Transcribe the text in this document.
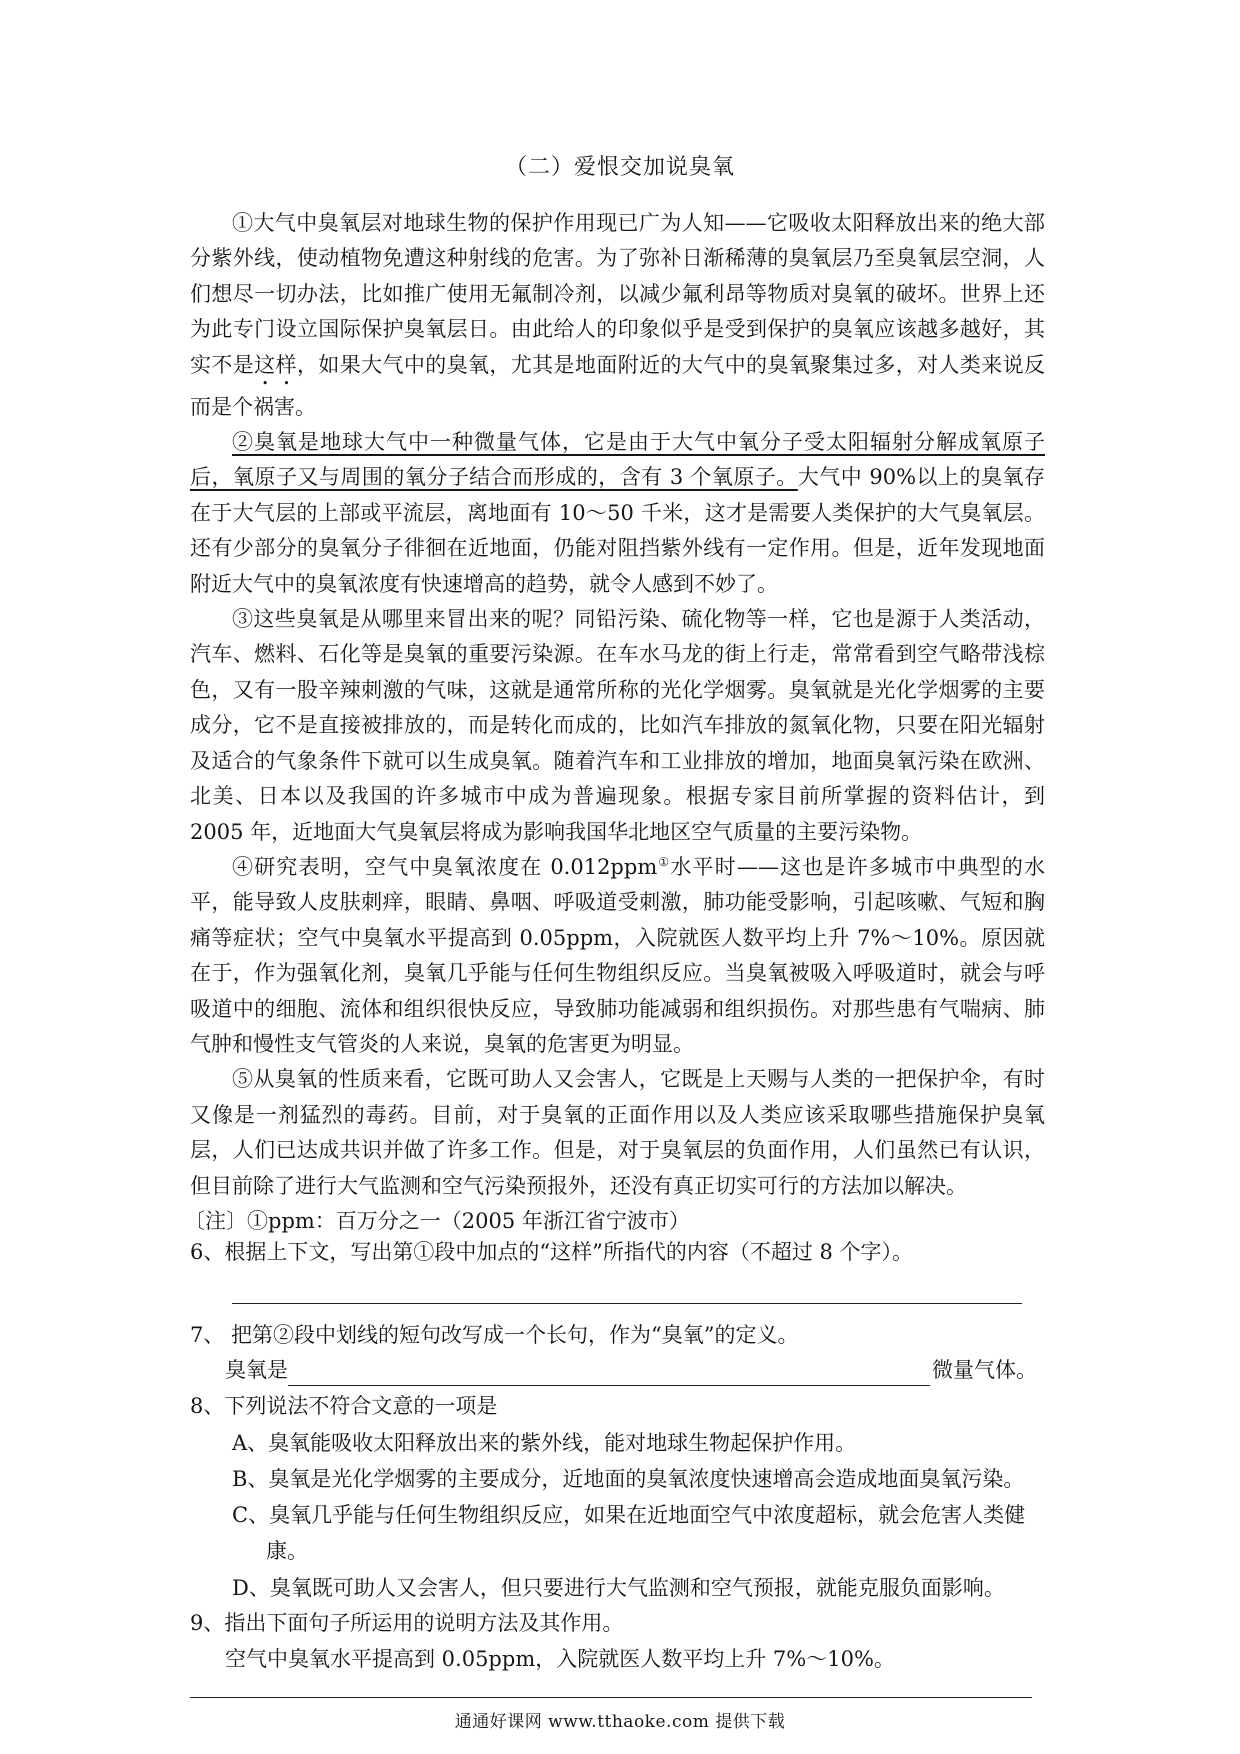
（二）爱恨交加说臭氧

①大气中臭氧层对地球生物的保护作用现已广为人知——它吸收太阳释放出来的绝大部分紫外线，使动植物免遭这种射线的危害。为了弥补日渐稀薄的臭氧层乃至臭氧层空洞，人们想尽一切办法，比如推广使用无氟制冷剂，以减少氟利昂等物质对臭氧的破坏。世界上还为此专门设立国际保护臭氧层日。由此给人的印象似乎是受到保护的臭氧应该越多越好，其实不是这样，如果大气中的臭氧，尤其是地面附近的大气中的臭氧聚集过多，对人类来说反而是个祸害。

②臭氧是地球大气中一种微量气体，它是由于大气中氧分子受太阳辐射分解成氧原子后，氧原子又与周围的氧分子结合而形成的，含有 3 个氧原子。大气中 90%以上的臭氧存在于大气层的上部或平流层，离地面有 10～50 千米，这才是需要人类保护的大气臭氧层。还有少部分的臭氧分子徘徊在近地面，仍能对阻挡紫外线有一定作用。但是，近年发现地面附近大气中的臭氧浓度有快速增高的趋势，就令人感到不妙了。

③这些臭氧是从哪里来冒出来的呢？同铅污染、硫化物等一样，它也是源于人类活动，汽车、燃料、石化等是臭氧的重要污染源。在车水马龙的街上行走，常常看到空气略带浅棕色，又有一股辛辣刺激的气味，这就是通常所称的光化学烟雾。臭氧就是光化学烟雾的主要成分，它不是直接被排放的，而是转化而成的，比如汽车排放的氮氧化物，只要在阳光辐射及适合的气象条件下就可以生成臭氧。随着汽车和工业排放的增加，地面臭氧污染在欧洲、北美、日本以及我国的许多城市中成为普遍现象。根据专家目前所掌握的资料估计，到 2005 年，近地面大气臭氧层将成为影响我国华北地区空气质量的主要污染物。

④研究表明，空气中臭氧浓度在 0.012ppm①水平时——这也是许多城市中典型的水平，能导致人皮肤刺痒，眼睛、鼻咽、呼吸道受刺激，肺功能受影响，引起咳嗽、气短和胸痛等症状；空气中臭氧水平提高到 0.05ppm，入院就医人数平均上升 7%～10%。原因就在于，作为强氧化剂，臭氧几乎能与任何生物组织反应。当臭氧被吸入呼吸道时，就会与呼吸道中的细胞、流体和组织很快反应，导致肺功能减弱和组织损伤。对那些患有气喘病、肺气肿和慢性支气管炎的人来说，臭氧的危害更为明显。

⑤从臭氧的性质来看，它既可助人又会害人，它既是上天赐与人类的一把保护伞，有时又像是一剂猛烈的毒药。目前，对于臭氧的正面作用以及人类应该采取哪些措施保护臭氧层，人们已达成共识并做了许多工作。但是，对于臭氧层的负面作用，人们虽然已有认识，但目前除了进行大气监测和空气污染预报外，还没有真正切实可行的方法加以解决。

〔注〕①ppm：百万分之一（2005 年浙江省宁波市）

6、根据上下文，写出第①段中加点的“这样”所指代的内容（不超过 8 个字）。
7、 把第②段中划线的短句改写成一个长句，作为“臭氧”的定义。
臭氧是	微量气体。
8、下列说法不符合文意的一项是
A、臭氧能吸收太阳释放出来的紫外线，能对地球生物起保护作用。
B、臭氧是光化学烟雾的主要成分，近地面的臭氧浓度快速增高会造成地面臭氧污染。
C、臭氧几乎能与任何生物组织反应，如果在近地面空气中浓度超标，就会危害人类健
康。
D、臭氧既可助人又会害人，但只要进行大气监测和空气预报，就能克服负面影响。
9、指出下面句子所运用的说明方法及其作用。
空气中臭氧水平提高到 0.05ppm，入院就医人数平均上升 7%～10%。
通通好课网 www.tthaoke.com 提供下载
